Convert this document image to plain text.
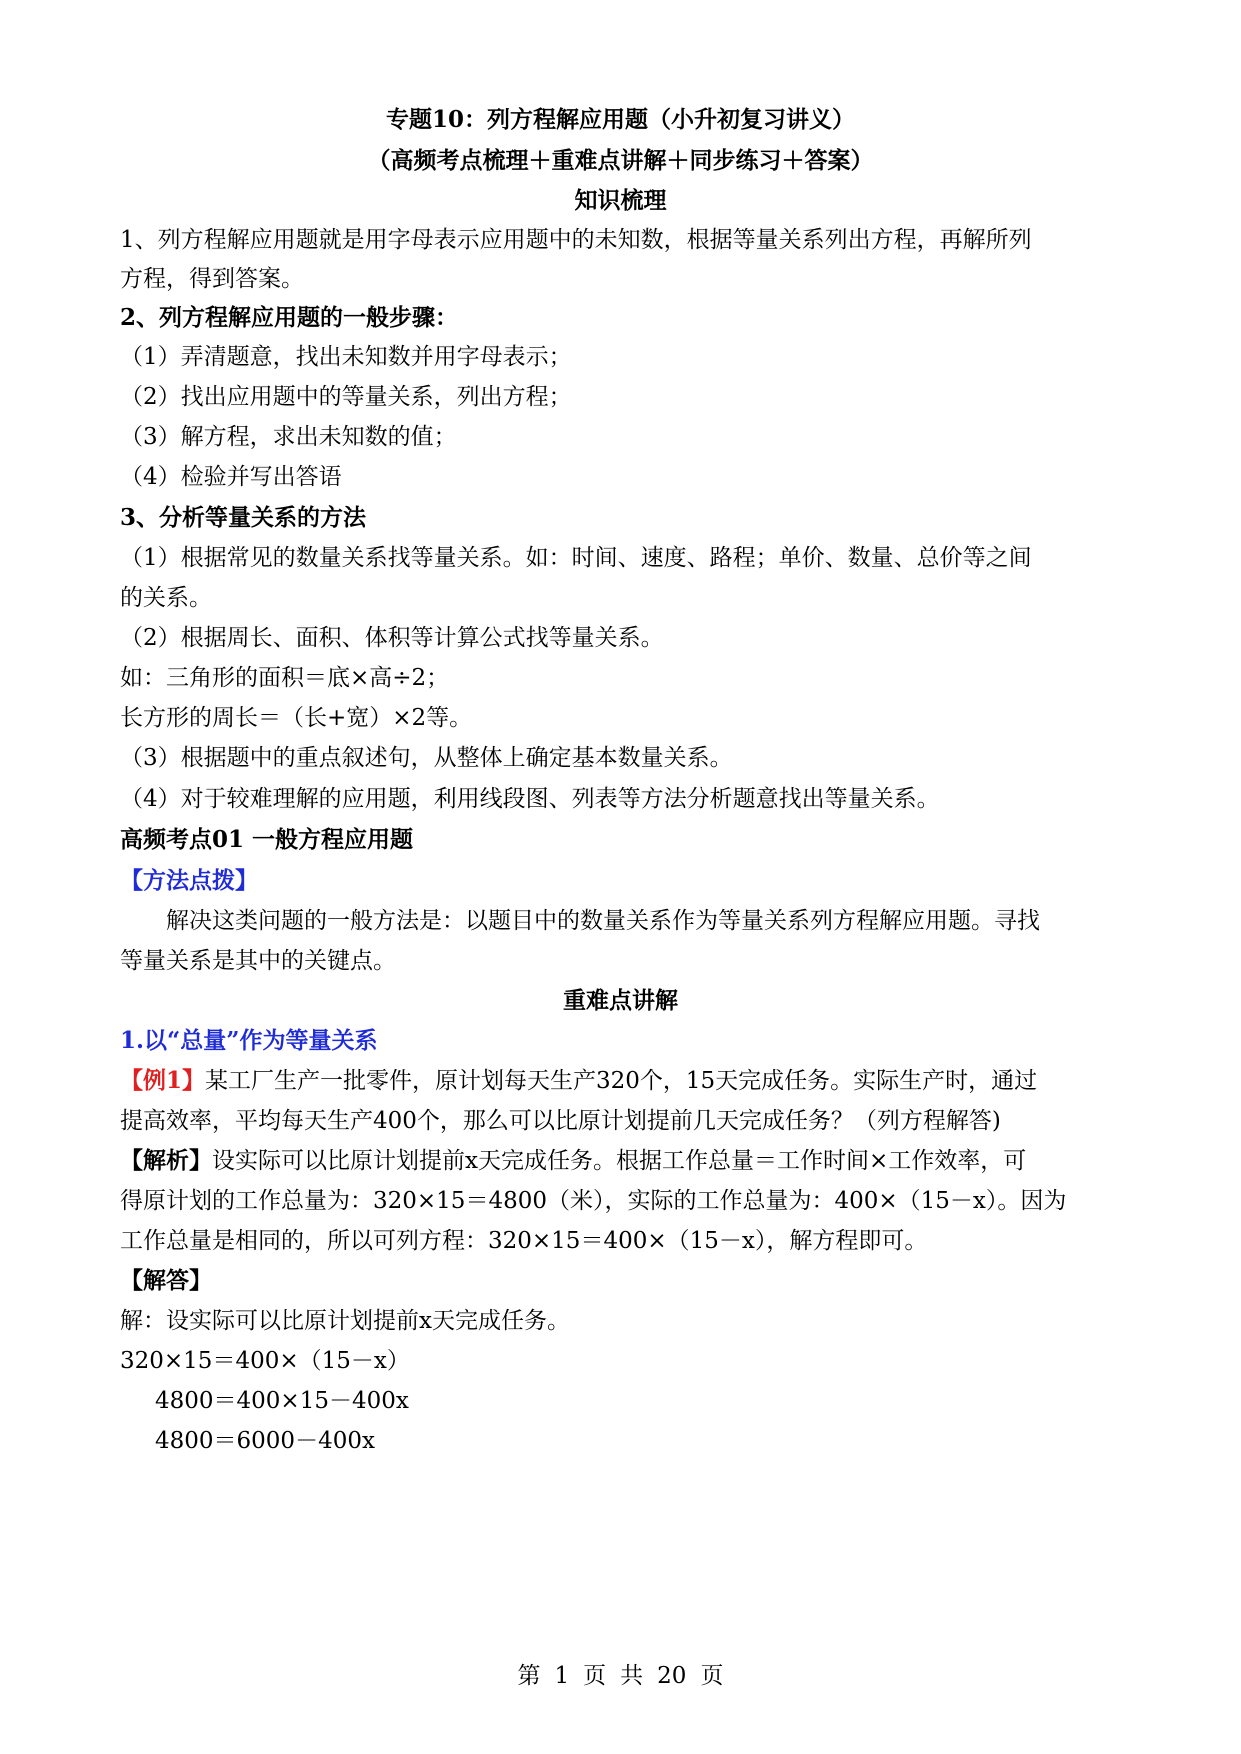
专题10：列方程解应用题（小升初复习讲义）
（高频考点梳理＋重难点讲解＋同步练习＋答案）
知识梳理
1、列方程解应用题就是用字母表示应用题中的未知数，根据等量关系列出方程，再解所列
方程，得到答案。
2、列方程解应用题的一般步骤：
（1）弄清题意，找出未知数并用字母表示；
（2）找出应用题中的等量关系，列出方程；
（3）解方程，求出未知数的值；
（4）检验并写出答语
3、分析等量关系的方法
（1）根据常见的数量关系找等量关系。如：时间、速度、路程；单价、数量、总价等之间
的关系。
（2）根据周长、面积、体积等计算公式找等量关系。
如：三角形的面积＝底×高÷2；
长方形的周长＝（长+宽）×2等。
（3）根据题中的重点叙述句，从整体上确定基本数量关系。
（4）对于较难理解的应用题，利用线段图、列表等方法分析题意找出等量关系。
高频考点01 一般方程应用题
【方法点拨】
解决这类问题的一般方法是：以题目中的数量关系作为等量关系列方程解应用题。寻找
等量关系是其中的关键点。
重难点讲解
1.以“总量”作为等量关系
【例1】某工厂生产一批零件，原计划每天生产320个，15天完成任务。实际生产时，通过
提高效率，平均每天生产400个，那么可以比原计划提前几天完成任务？（列方程解答)
【解析】设实际可以比原计划提前x天完成任务。根据工作总量＝工作时间×工作效率，可
得原计划的工作总量为：320×15＝4800（米），实际的工作总量为：400×（15－x）。因为
工作总量是相同的，所以可列方程：320×15＝400×（15－x），解方程即可。
【解答】
解：设实际可以比原计划提前x天完成任务。
320×15＝400×（15－x）
4800＝400×15－400x
4800＝6000－400x
第 1 页 共 20 页
